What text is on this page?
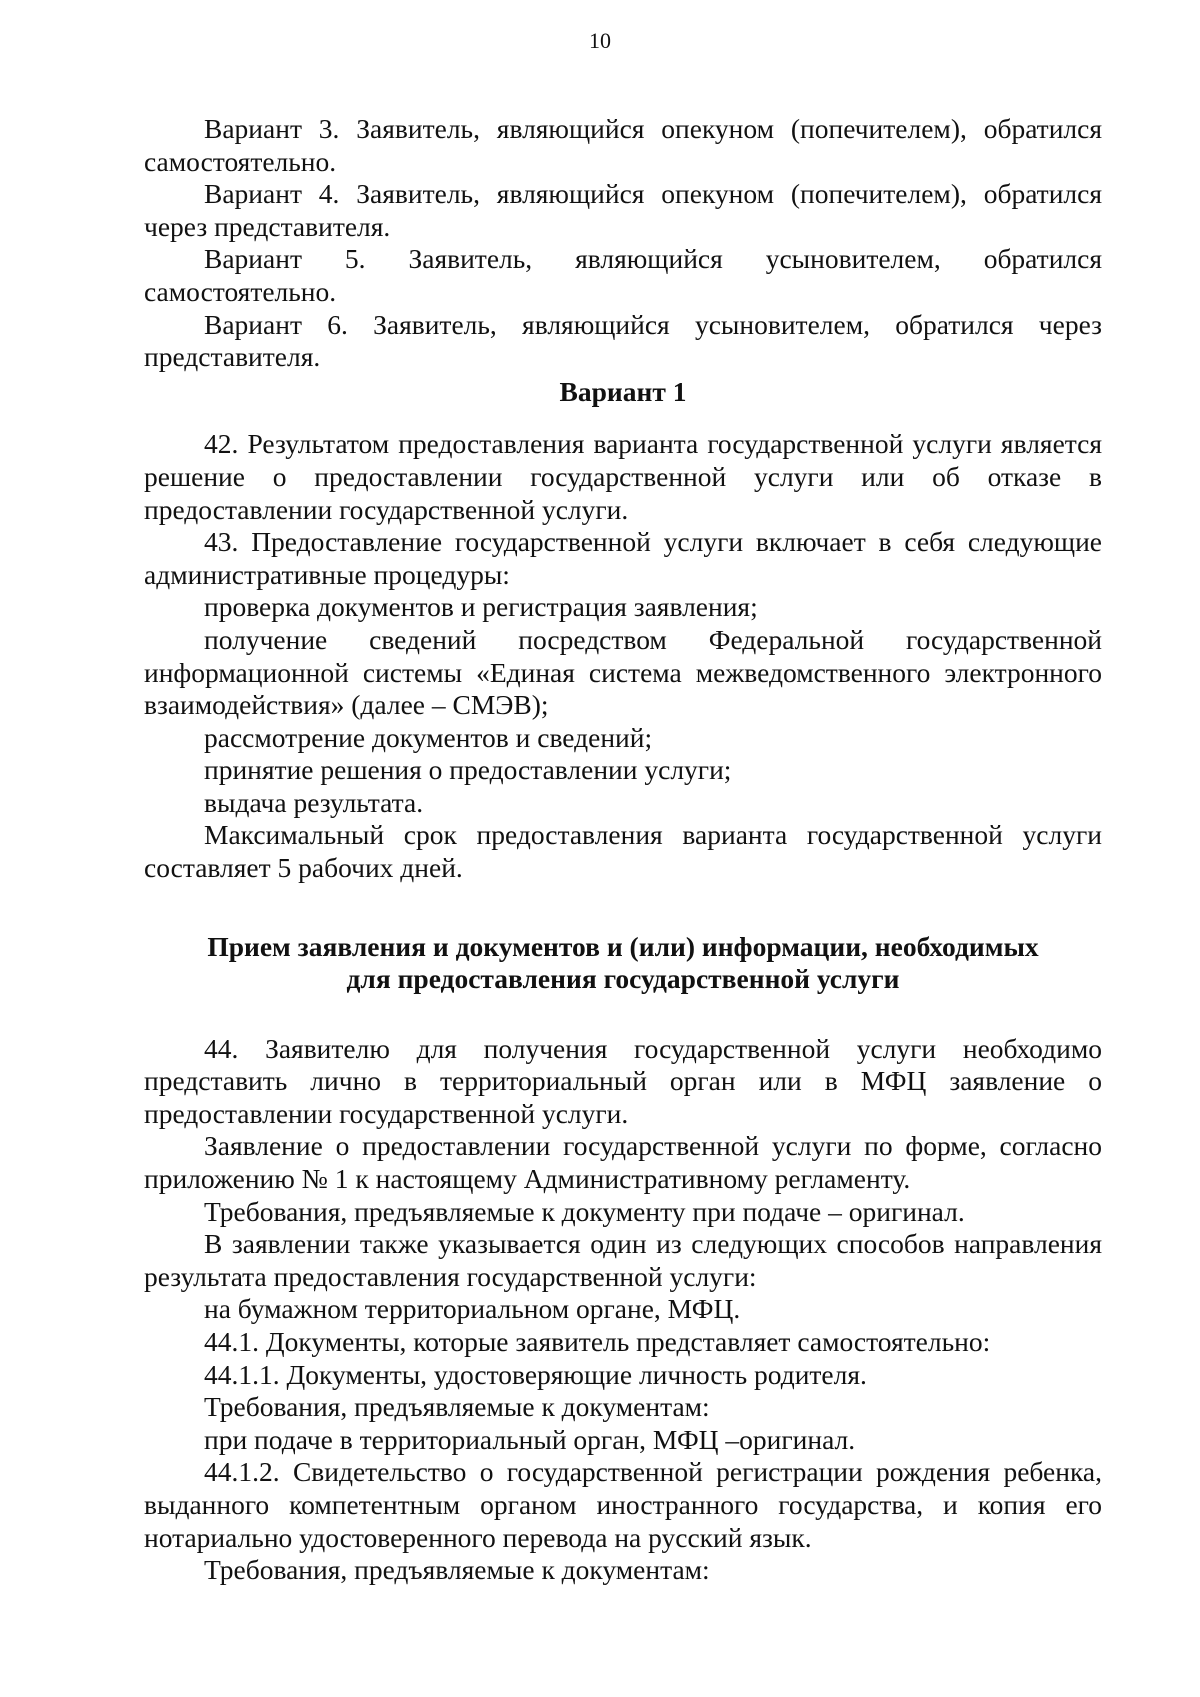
10

Вариант 3. Заявитель, являющийся опекуном (попечителем), обратился самостоятельно.

Вариант 4. Заявитель, являющийся опекуном (попечителем), обратился через представителя.

Вариант 5. Заявитель, являющийся усыновителем, обратился самостоятельно.

Вариант 6. Заявитель, являющийся усыновителем, обратился через представителя.

Вариант 1

42. Результатом предоставления варианта государственной услуги является решение о предоставлении государственной услуги или об отказе в предоставлении государственной услуги.

43. Предоставление государственной услуги включает в себя следующие административные процедуры:

проверка документов и регистрация заявления;

получение сведений посредством Федеральной государственной информационной системы «Единая система межведомственного электронного взаимодействия» (далее – СМЭВ);

рассмотрение документов и сведений;

принятие решения о предоставлении услуги;

выдача результата.

Максимальный срок предоставления варианта государственной услуги составляет 5 рабочих дней.

Прием заявления и документов и (или) информации, необходимых
для предоставления государственной услуги

44. Заявителю для получения государственной услуги необходимо представить лично в территориальный орган или в МФЦ заявление о предоставлении государственной услуги.

Заявление о предоставлении государственной услуги по форме, согласно приложению № 1 к настоящему Административному регламенту.

Требования, предъявляемые к документу при подаче – оригинал.

В заявлении также указывается один из следующих способов направления результата предоставления государственной услуги:

на бумажном территориальном органе, МФЦ.

44.1. Документы, которые заявитель представляет самостоятельно:

44.1.1. Документы, удостоверяющие личность родителя.

Требования, предъявляемые к документам:

при подаче в территориальный орган, МФЦ –оригинал.

44.1.2. Свидетельство о государственной регистрации рождения ребенка, выданного компетентным органом иностранного государства, и копия его нотариально удостоверенного перевода на русский язык.

Требования, предъявляемые к документам:
